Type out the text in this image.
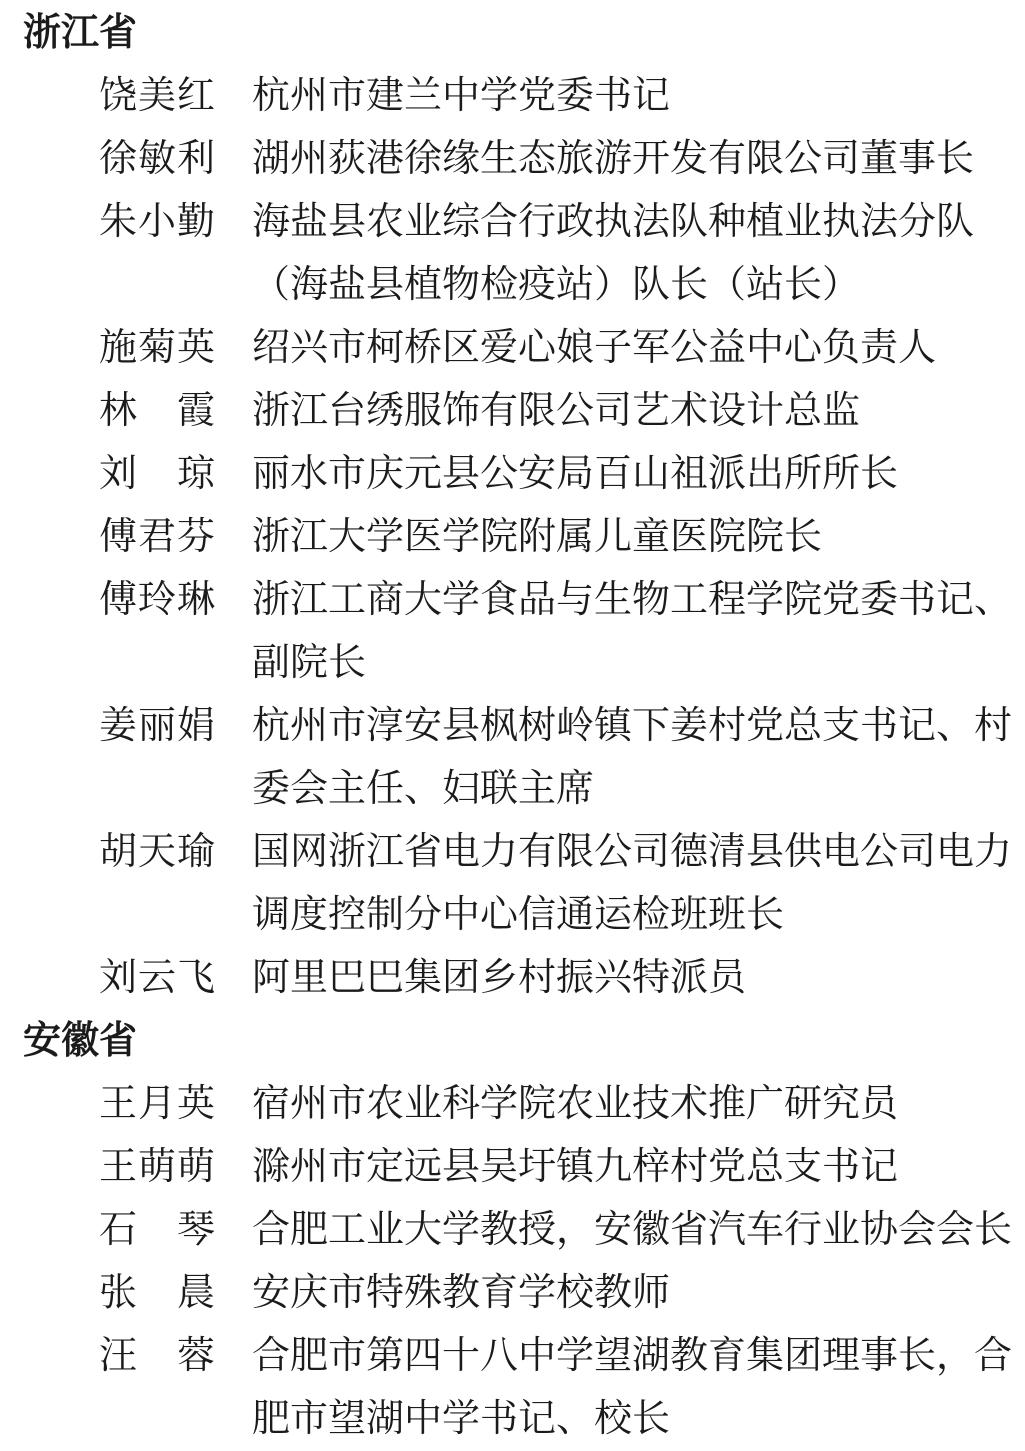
浙江省
饶美红 杭州市建兰中学党委书记
徐敏利 湖州荻港徐缘生态旅游开发有限公司董事长
朱小勤 海盐县农业综合行政执法队种植业执法分队（海盐县植物检疫站）队长（站长）
施菊英 绍兴市柯桥区爱心娘子军公益中心负责人
林霞 浙江台绣服饰有限公司艺术设计总监
刘琼 丽水市庆元县公安局百山祖派出所所长
傅君芬 浙江大学医学院附属儿童医院院长
傅玲琳 浙江工商大学食品与生物工程学院党委书记、副院长
姜丽娟 杭州市淳安县枫树岭镇下姜村党总支书记、村委会主任、妇联主席
胡天瑜 国网浙江省电力有限公司德清县供电公司电力调度控制分中心信通运检班班长
刘云飞 阿里巴巴集团乡村振兴特派员
安徽省
王月英 宿州市农业科学院农业技术推广研究员
王萌萌 滁州市定远县吴圩镇九梓村党总支书记
石琴 合肥工业大学教授，安徽省汽车行业协会会长
张晨 安庆市特殊教育学校教师
汪蓉 合肥市第四十八中学望湖教育集团理事长，合肥市望湖中学书记、校长
